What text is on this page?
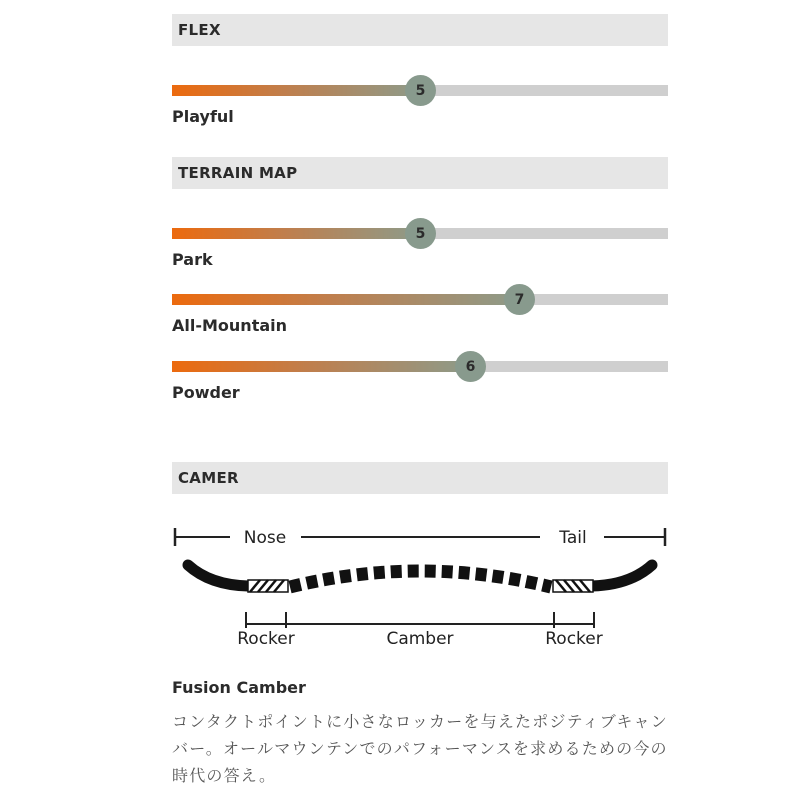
FLEX
5
Playful
TERRAIN MAP
5
Park
7
All-Mountain
6
Powder
CAMER
Nose	Tail
Rocker	Camber	Rocker
Fusion Camber
コンタクトポイントに小さなロッカーを与えたポジティブキャンバー。オールマウンテンでのパフォーマンスを求めるための今の時代の答え。
